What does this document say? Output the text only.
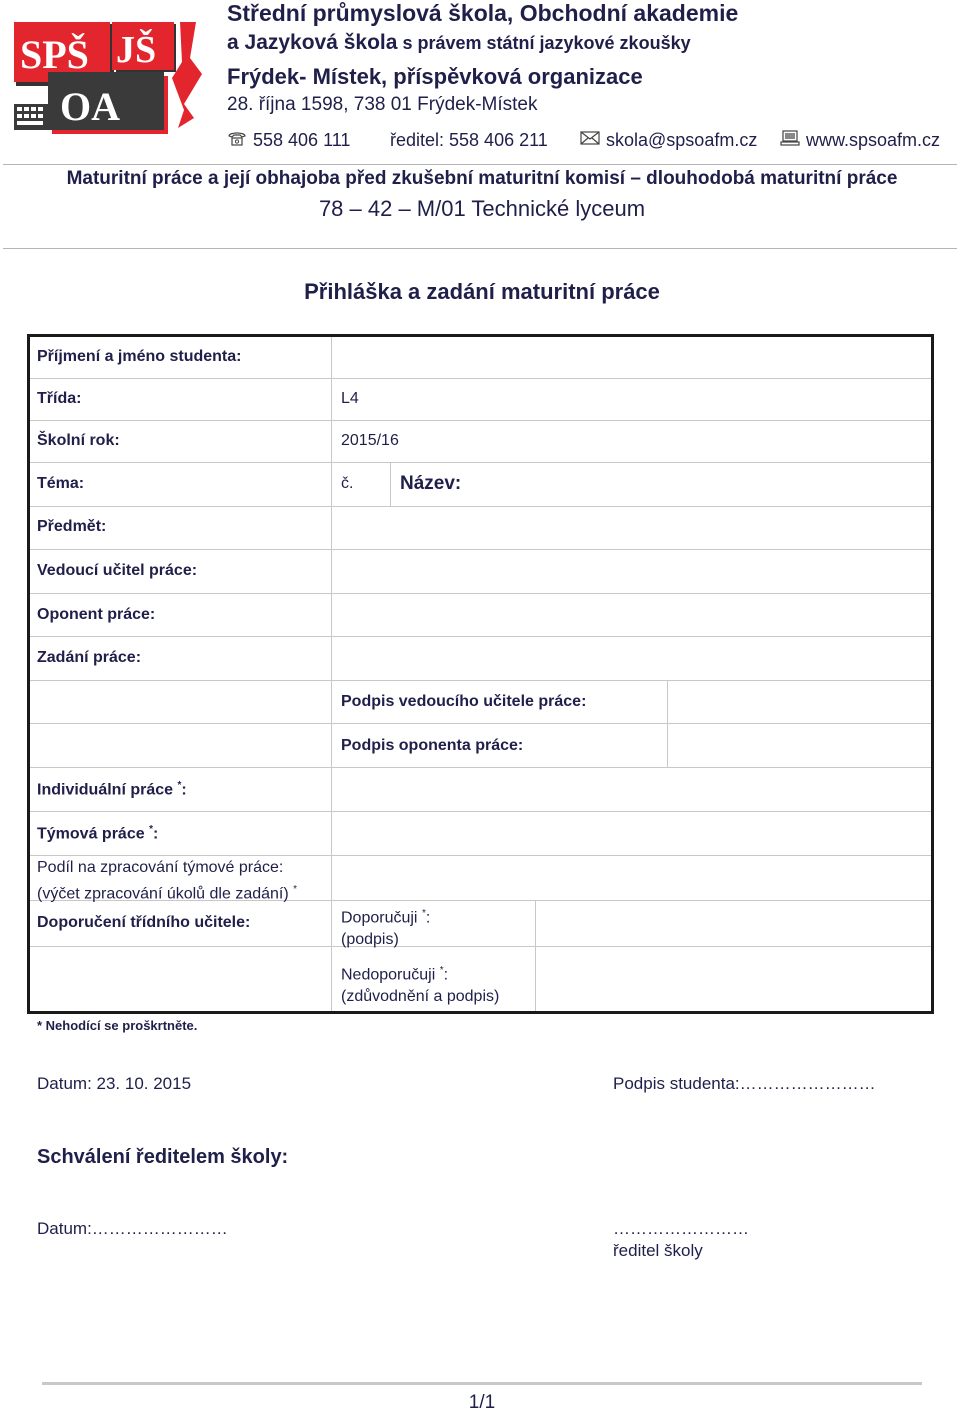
SPŠ JŠ
OA
Střední průmyslová škola, Obchodní akademie
a Jazyková škola s právem státní jazykové zkoušky
Frýdek- Místek, příspěvková organizace
28. října 1598, 738 01 Frýdek-Místek
558 406 111 ředitel: 558 406 211	skola@spsoafm.cz	www.spsoafm.cz
Maturitní práce a její obhajoba před zkušební maturitní komisí – dlouhodobá maturitní práce
78 – 42 – M/01 Technické lyceum
Přihláška a zadání maturitní práce
Příjmení a jméno studenta:
Třída:	L4
Školní rok:	2015/16
Téma:	č. Název:
Předmět:
Vedoucí učitel práce:
Oponent práce:
Zadání práce:
Podpis vedoucího učitele práce:
Podpis oponenta práce:
Individuální práce *:
Týmová práce *:
Podíl na zpracování týmové práce:
(výčet zpracování úkolů dle zadání) *
Doporučení třídního učitele:	Doporučuji *:
(podpis)
Nedoporučuji *:
(zdůvodnění a podpis)
* Nehodící se proškrtněte.
Datum: 23. 10. 2015	Podpis studenta:……………………
Schválení ředitelem školy:
Datum:……………………	……………………
ředitel školy
1/1
